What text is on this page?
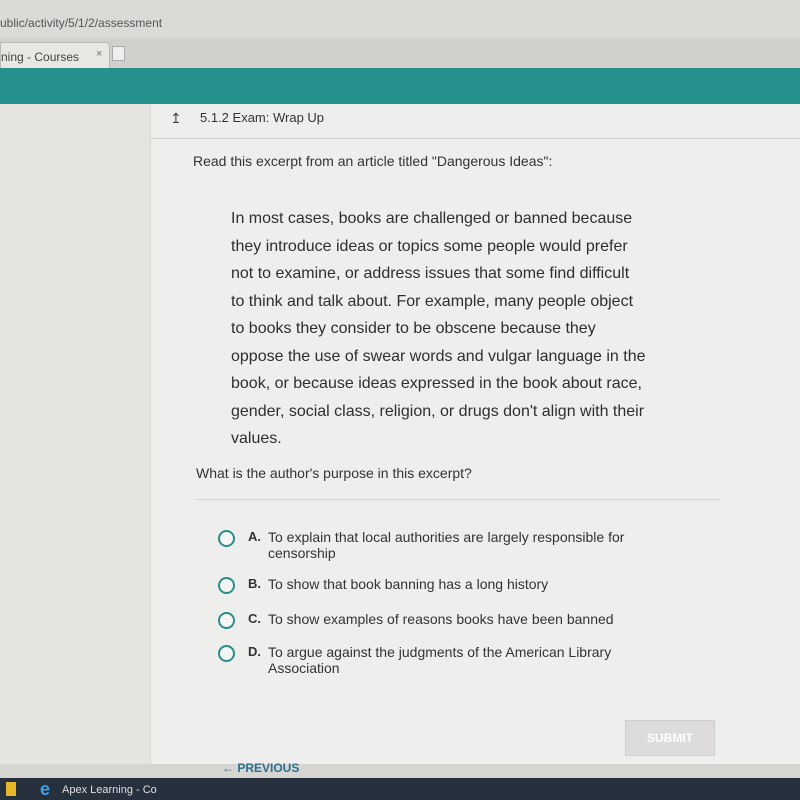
ublic/activity/5/1/2/assessment
ning - Courses ×
↥ 5.1.2 Exam: Wrap Up
Read this excerpt from an article titled "Dangerous Ideas":
In most cases, books are challenged or banned because
they introduce ideas or topics some people would prefer
not to examine, or address issues that some find difficult
to think and talk about. For example, many people object
to books they consider to be obscene because they
oppose the use of swear words and vulgar language in the
book, or because ideas expressed in the book about race,
gender, social class, religion, or drugs don't align with their
values.
What is the author's purpose in this excerpt?
A. To explain that local authorities are largely responsible for
censorship
B. To show that book banning has a long history
C. To show examples of reasons books have been banned
D. To argue against the judgments of the American Library
Association
SUBMIT
← PREVIOUS
e Apex Learning - Co
